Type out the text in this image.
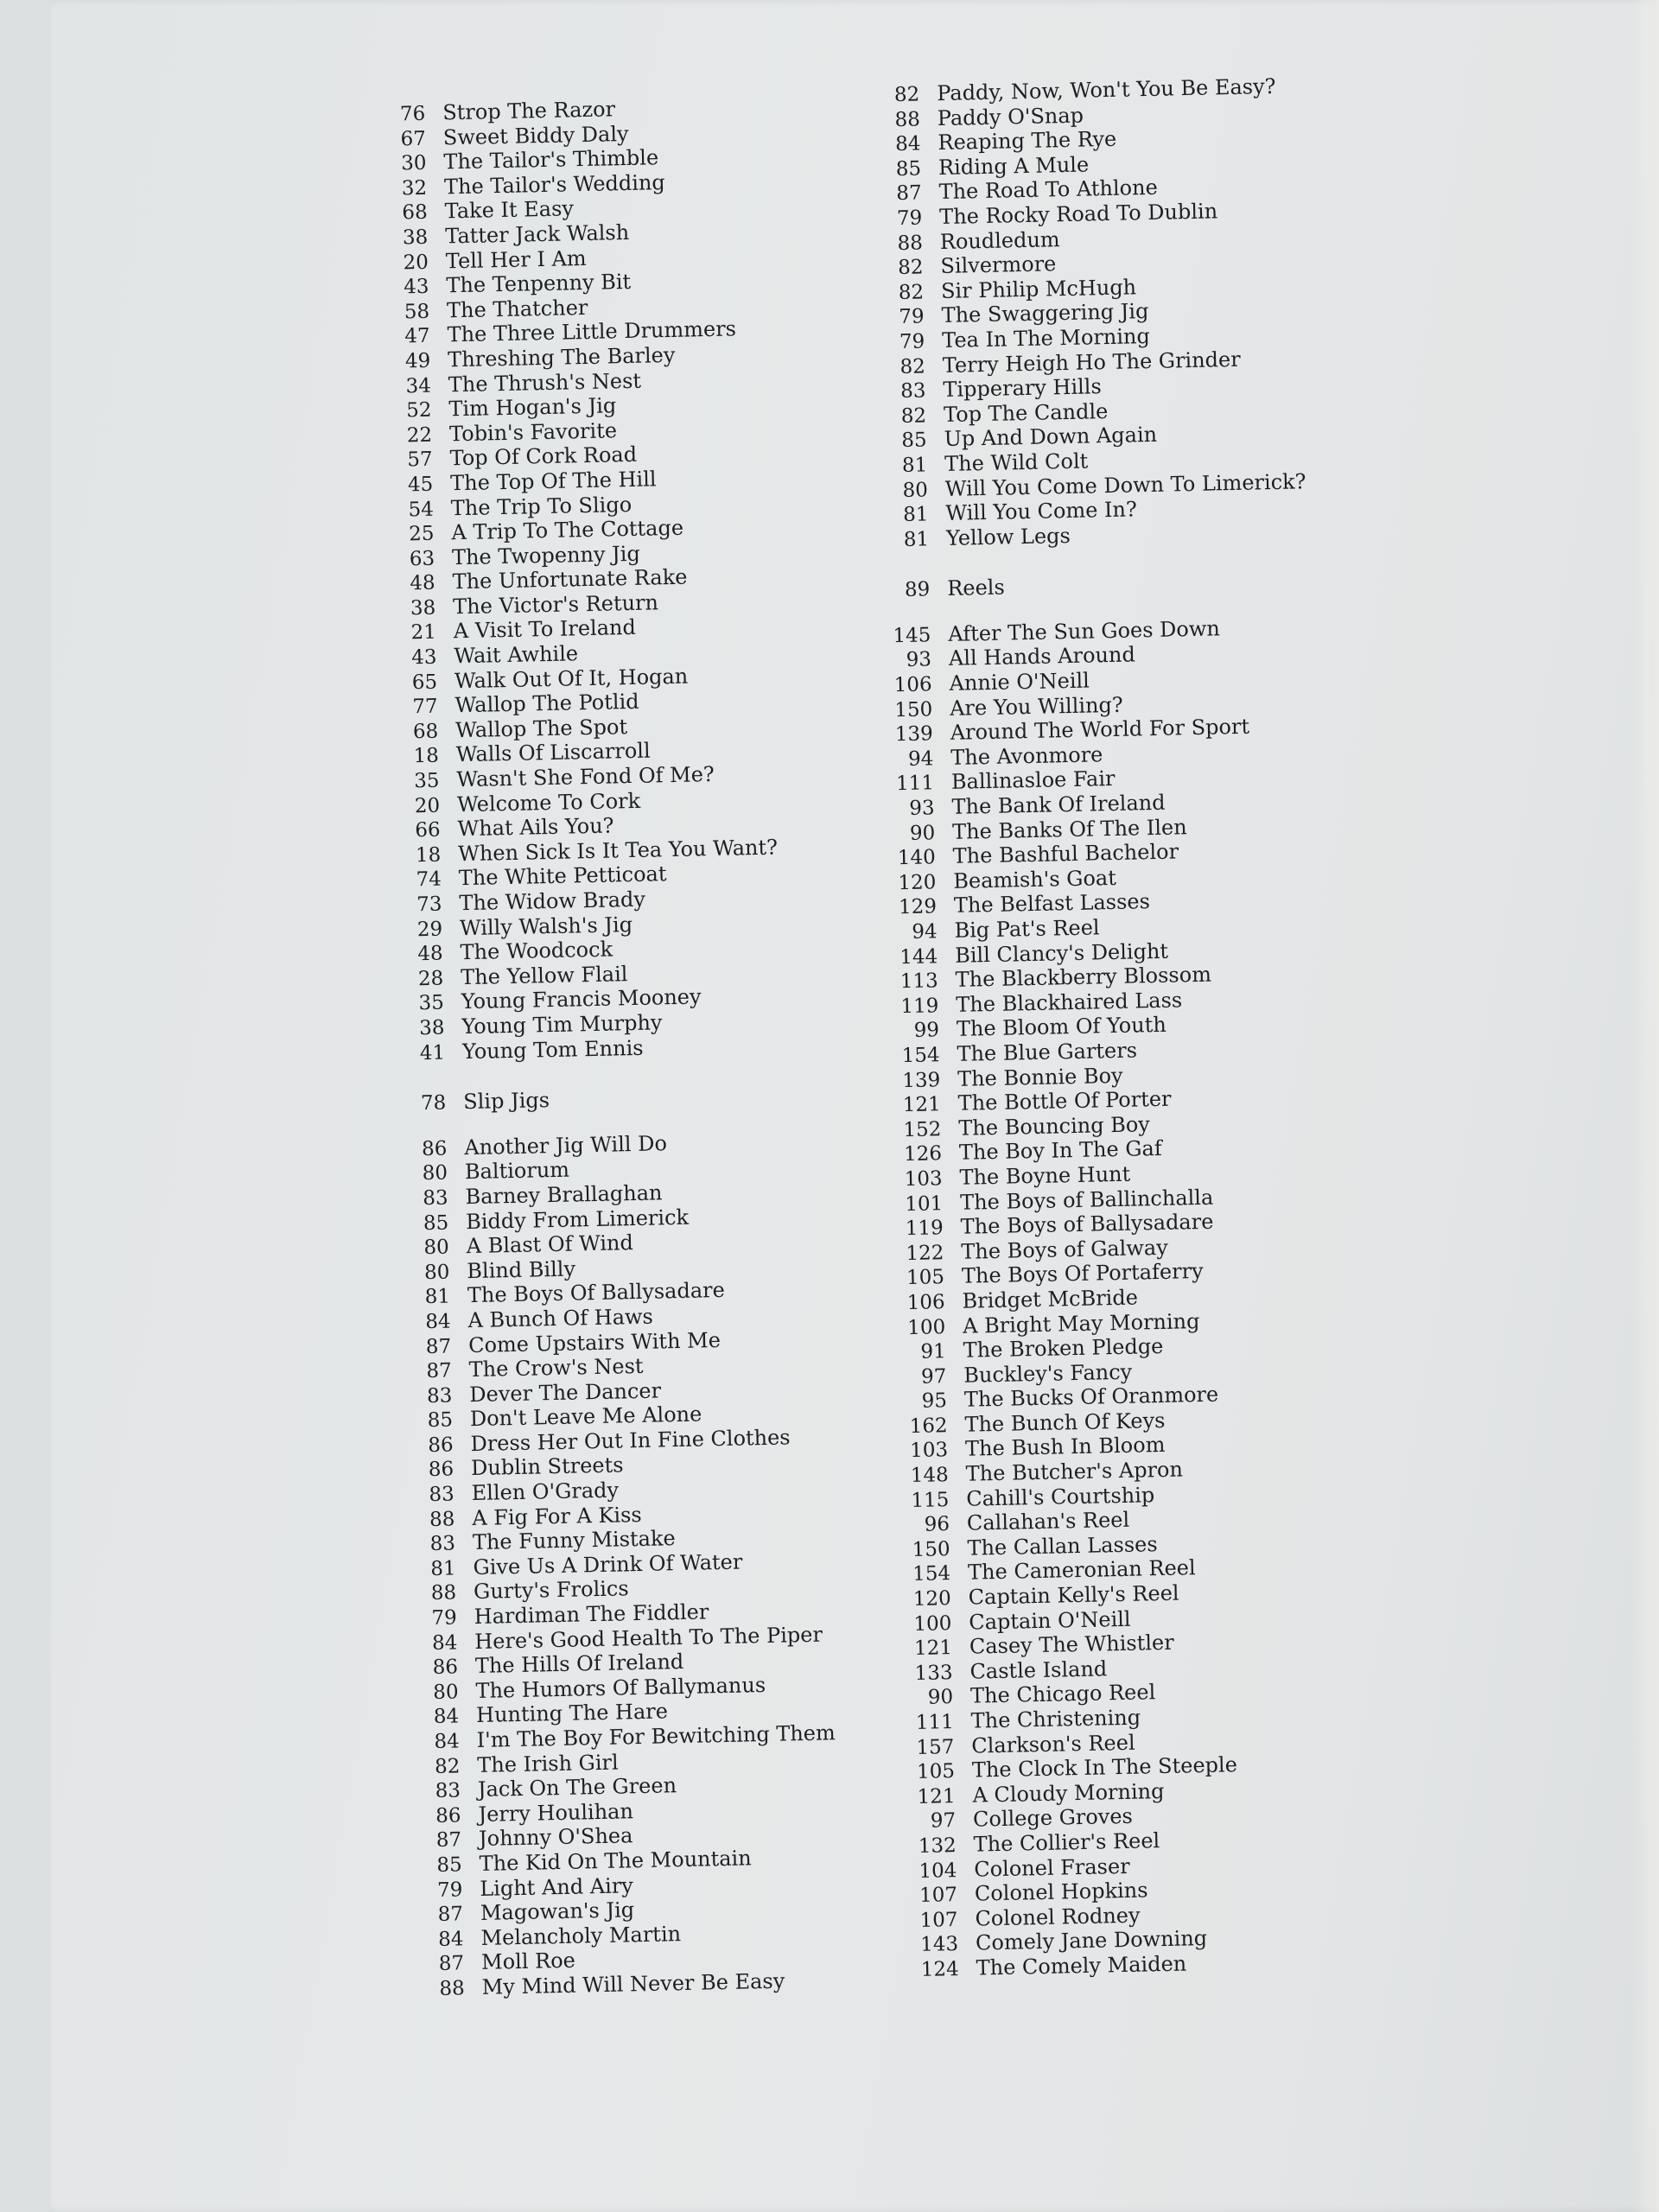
76 Strop The Razor
67 Sweet Biddy Daly
30 The Tailor's Thimble
32 The Tailor's Wedding
68 Take It Easy
38 Tatter Jack Walsh
20 Tell Her I Am
43 The Tenpenny Bit
58 The Thatcher
47 The Three Little Drummers
49 Threshing The Barley
34 The Thrush's Nest
52 Tim Hogan's Jig
22 Tobin's Favorite
57 Top Of Cork Road
45 The Top Of The Hill
54 The Trip To Sligo
25 A Trip To The Cottage
63 The Twopenny Jig
48 The Unfortunate Rake
38 The Victor's Return
21 A Visit To Ireland
43 Wait Awhile
65 Walk Out Of It, Hogan
77 Wallop The Potlid
68 Wallop The Spot
18 Walls Of Liscarroll
35 Wasn't She Fond Of Me?
20 Welcome To Cork
66 What Ails You?
18 When Sick Is It Tea You Want?
74 The White Petticoat
73 The Widow Brady
29 Willy Walsh's Jig
48 The Woodcock
28 The Yellow Flail
35 Young Francis Mooney
38 Young Tim Murphy
41 Young Tom Ennis
78 Slip Jigs
86 Another Jig Will Do
80 Baltiorum
83 Barney Brallaghan
85 Biddy From Limerick
80 A Blast Of Wind
80 Blind Billy
81 The Boys Of Ballysadare
84 A Bunch Of Haws
87 Come Upstairs With Me
87 The Crow's Nest
83 Dever The Dancer
85 Don't Leave Me Alone
86 Dress Her Out In Fine Clothes
86 Dublin Streets
83 Ellen O'Grady
88 A Fig For A Kiss
83 The Funny Mistake
81 Give Us A Drink Of Water
88 Gurty's Frolics
79 Hardiman The Fiddler
84 Here's Good Health To The Piper
86 The Hills Of Ireland
80 The Humors Of Ballymanus
84 Hunting The Hare
84 I'm The Boy For Bewitching Them
82 The Irish Girl
83 Jack On The Green
86 Jerry Houlihan
87 Johnny O'Shea
85 The Kid On The Mountain
79 Light And Airy
87 Magowan's Jig
84 Melancholy Martin
87 Moll Roe
88 My Mind Will Never Be Easy
82 Paddy, Now, Won't You Be Easy?
88 Paddy O'Snap
84 Reaping The Rye
85 Riding A Mule
87 The Road To Athlone
79 The Rocky Road To Dublin
88 Roudledum
82 Silvermore
82 Sir Philip McHugh
79 The Swaggering Jig
79 Tea In The Morning
82 Terry Heigh Ho The Grinder
83 Tipperary Hills
82 Top The Candle
85 Up And Down Again
81 The Wild Colt
80 Will You Come Down To Limerick?
81 Will You Come In?
81 Yellow Legs
89 Reels
145 After The Sun Goes Down
93 All Hands Around
106 Annie O'Neill
150 Are You Willing?
139 Around The World For Sport
94 The Avonmore
111 Ballinasloe Fair
93 The Bank Of Ireland
90 The Banks Of The Ilen
140 The Bashful Bachelor
120 Beamish's Goat
129 The Belfast Lasses
94 Big Pat's Reel
144 Bill Clancy's Delight
113 The Blackberry Blossom
119 The Blackhaired Lass
99 The Bloom Of Youth
154 The Blue Garters
139 The Bonnie Boy
121 The Bottle Of Porter
152 The Bouncing Boy
126 The Boy In The Gaf
103 The Boyne Hunt
101 The Boys of Ballinchalla
119 The Boys of Ballysadare
122 The Boys of Galway
105 The Boys Of Portaferry
106 Bridget McBride
100 A Bright May Morning
91 The Broken Pledge
97 Buckley's Fancy
95 The Bucks Of Oranmore
162 The Bunch Of Keys
103 The Bush In Bloom
148 The Butcher's Apron
115 Cahill's Courtship
96 Callahan's Reel
150 The Callan Lasses
154 The Cameronian Reel
120 Captain Kelly's Reel
100 Captain O'Neill
121 Casey The Whistler
133 Castle Island
90 The Chicago Reel
111 The Christening
157 Clarkson's Reel
105 The Clock In The Steeple
121 A Cloudy Morning
97 College Groves
132 The Collier's Reel
104 Colonel Fraser
107 Colonel Hopkins
107 Colonel Rodney
143 Comely Jane Downing
124 The Comely Maiden
